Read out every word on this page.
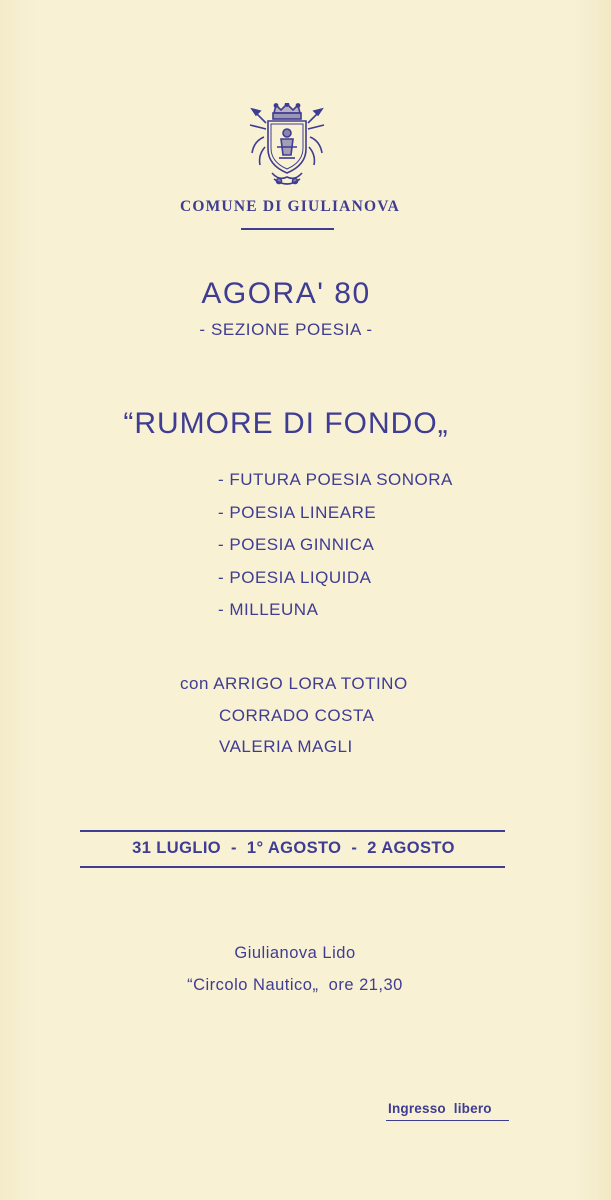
COMUNE DI GIULIANOVA
AGORA' 80
- SEZIONE POESIA -
“RUMORE DI FONDO„
- FUTURA POESIA SONORA
- POESIA LINEARE
- POESIA GINNICA
- POESIA LIQUIDA
- MILLEUNA
con ARRIGO LORA TOTINO
CORRADO COSTA
VALERIA MAGLI
31 LUGLIO  -  1° AGOSTO  -  2 AGOSTO
Giulianova Lido
“Circolo Nautico„  ore 21,30
Ingresso  libero
